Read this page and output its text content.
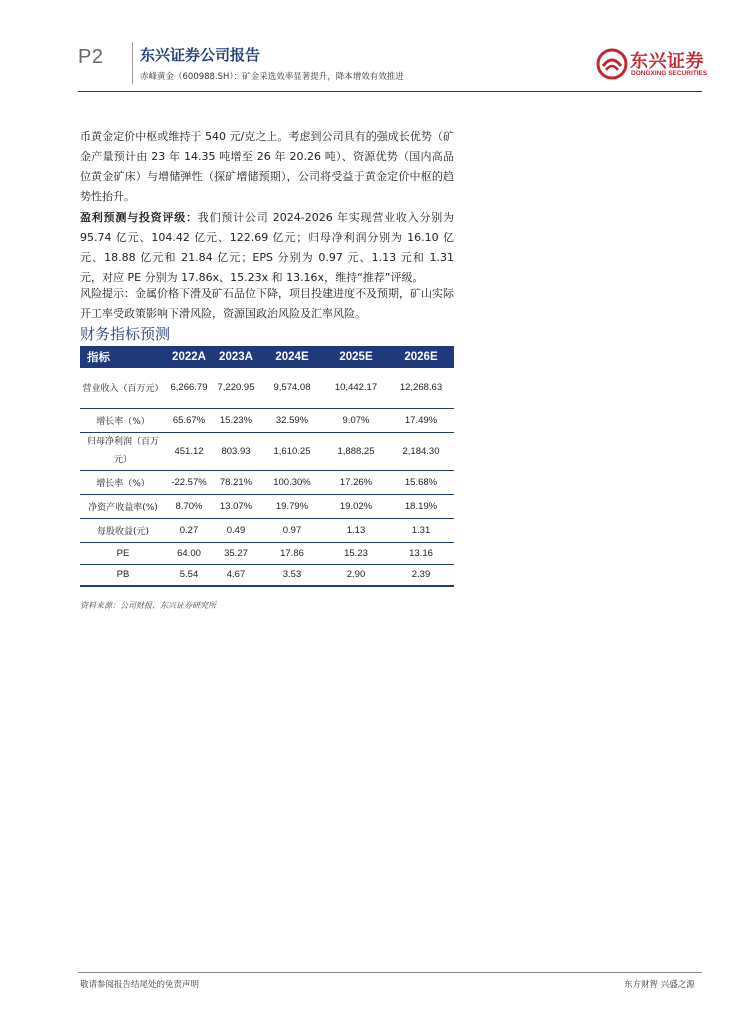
P2 东兴证券公司报告
赤峰黄金（600988.SH）：矿金采选效率显著提升，降本增效有效推进
东兴证券
DONGXING SECURITIES
币黄金定价中枢或维持于 540 元/克之上。考虑到公司具有的强成长优势（矿金产量预计由 23 年 14.35 吨增至 26 年 20.26 吨）、资源优势（国内高品位黄金矿床）与增储弹性（探矿增储预期），公司将受益于黄金定价中枢的趋势性抬升。
盈利预测与投资评级：我们预计公司 2024-2026 年实现营业收入分别为 95.74 亿元、104.42 亿元、122.69 亿元；归母净利润分别为 16.10 亿元、18.88 亿元和 21.84 亿元；EPS 分别为 0.97 元、1.13 元和 1.31 元，对应 PE 分别为 17.86x、15.23x 和 13.16x，维持“推荐”评级。
风险提示：金属价格下滑及矿石品位下降，项目投建进度不及预期，矿山实际开工率受政策影响下滑风险，资源国政治风险及汇率风险。
财务指标预测
指标	2022A	2023A	2024E	2025E	2026E
营业收入（百万元）	6,266.79	7,220.95	9,574.08	10,442.17	12,268.63
增长率（%）	65.67%	15.23%	32.59%	9.07%	17.49%
归母净利润（百万元）	451.12	803.93	1,610.25	1,888.25	2,184.30
增长率（%）	-22.57%	78.21%	100.30%	17.26%	15.68%
净资产收益率(%)	8.70%	13.07%	19.79%	19.02%	18.19%
每股收益(元)	0.27	0.49	0.97	1.13	1.31
PE	64.00	35.27	17.86	15.23	13.16
PB	5.54	4.67	3.53	2.90	2.39
资料来源：公司财报、东兴证券研究所
敬请参阅报告结尾处的免责声明	东方财智 兴盛之源
